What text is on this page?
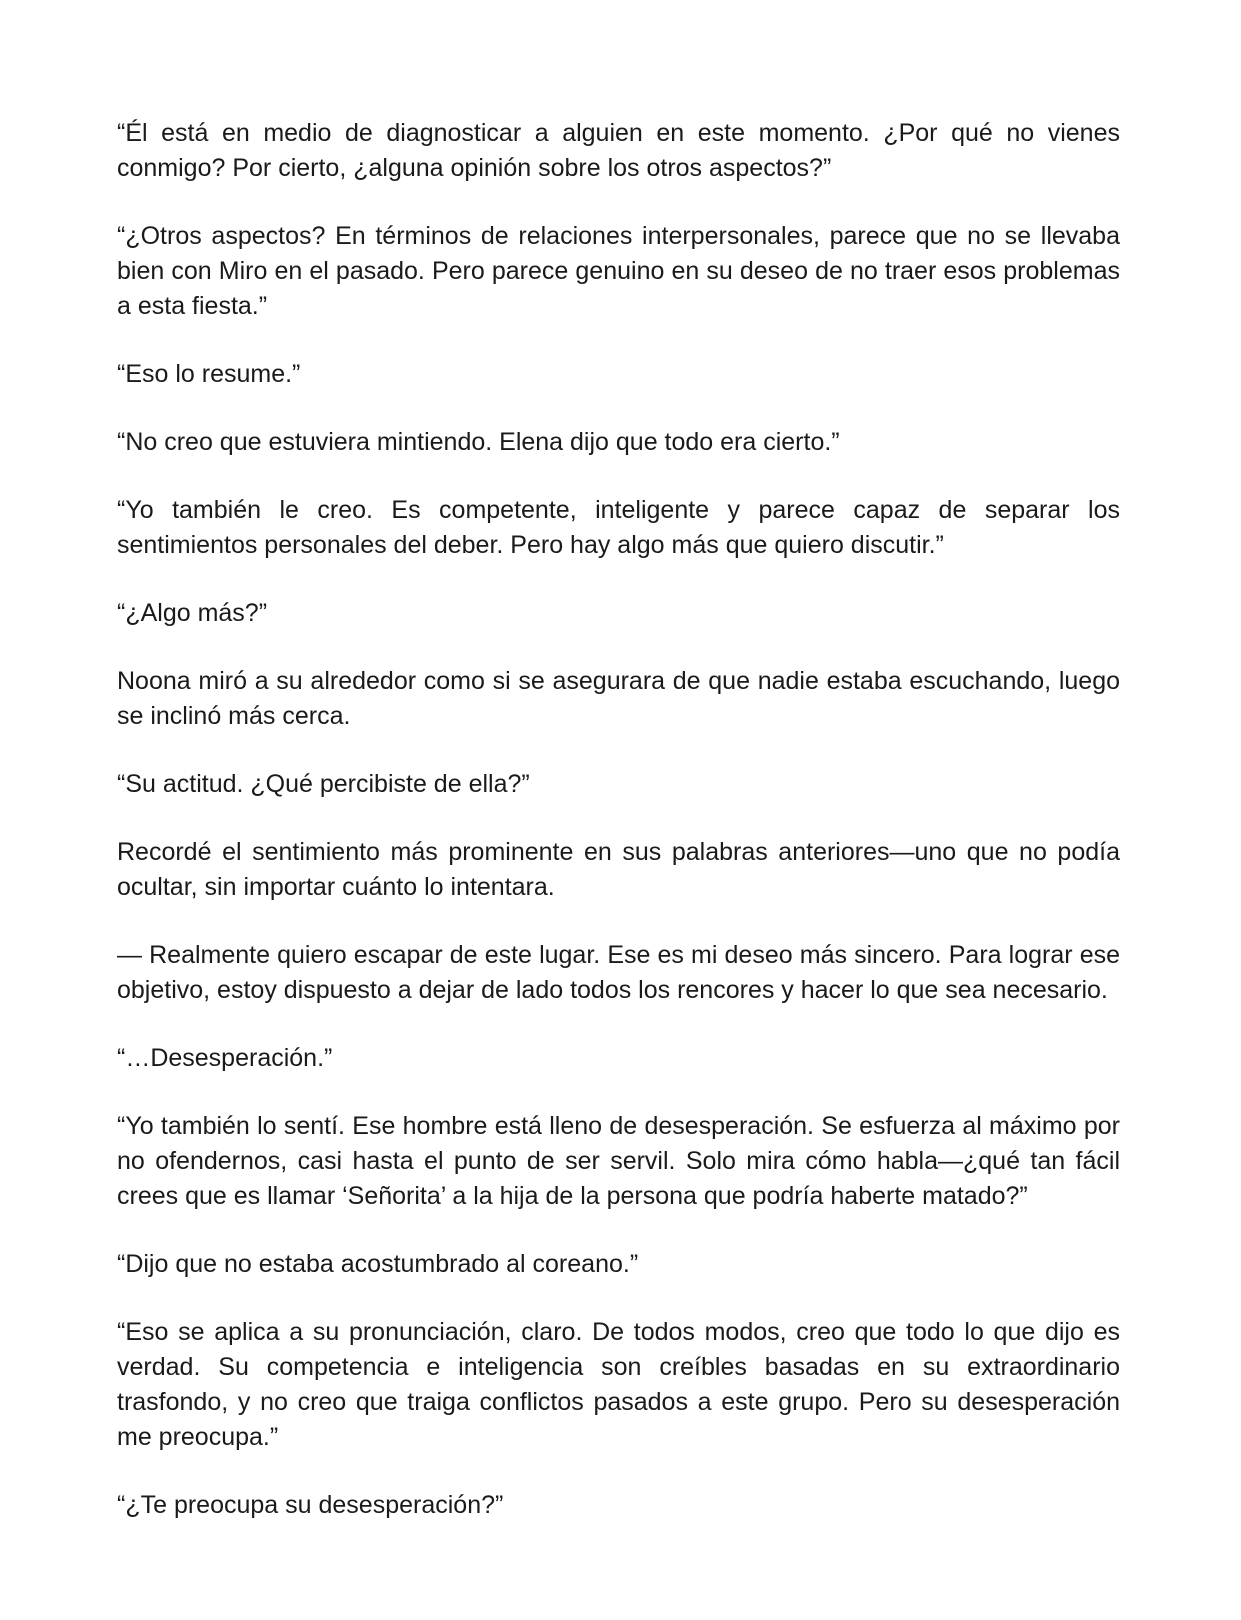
“Él está en medio de diagnosticar a alguien en este momento. ¿Por qué no vienes conmigo? Por cierto, ¿alguna opinión sobre los otros aspectos?”

“¿Otros aspectos? En términos de relaciones interpersonales, parece que no se llevaba bien con Miro en el pasado. Pero parece genuino en su deseo de no traer esos problemas a esta fiesta.”

“Eso lo resume.”

“No creo que estuviera mintiendo. Elena dijo que todo era cierto.”

“Yo también le creo. Es competente, inteligente y parece capaz de separar los sentimientos personales del deber. Pero hay algo más que quiero discutir.”

“¿Algo más?”

Noona miró a su alrededor como si se asegurara de que nadie estaba escuchando, luego se inclinó más cerca.

“Su actitud. ¿Qué percibiste de ella?”

Recordé el sentimiento más prominente en sus palabras anteriores—uno que no podía ocultar, sin importar cuánto lo intentara.

— Realmente quiero escapar de este lugar. Ese es mi deseo más sincero. Para lograr ese objetivo, estoy dispuesto a dejar de lado todos los rencores y hacer lo que sea necesario.

“…Desesperación.”

“Yo también lo sentí. Ese hombre está lleno de desesperación. Se esfuerza al máximo por no ofendernos, casi hasta el punto de ser servil. Solo mira cómo habla—¿qué tan fácil crees que es llamar ‘Señorita’ a la hija de la persona que podría haberte matado?”

“Dijo que no estaba acostumbrado al coreano.”

“Eso se aplica a su pronunciación, claro. De todos modos, creo que todo lo que dijo es verdad. Su competencia e inteligencia son creíbles basadas en su extraordinario trasfondo, y no creo que traiga conflictos pasados a este grupo. Pero su desesperación me preocupa.”

“¿Te preocupa su desesperación?”
